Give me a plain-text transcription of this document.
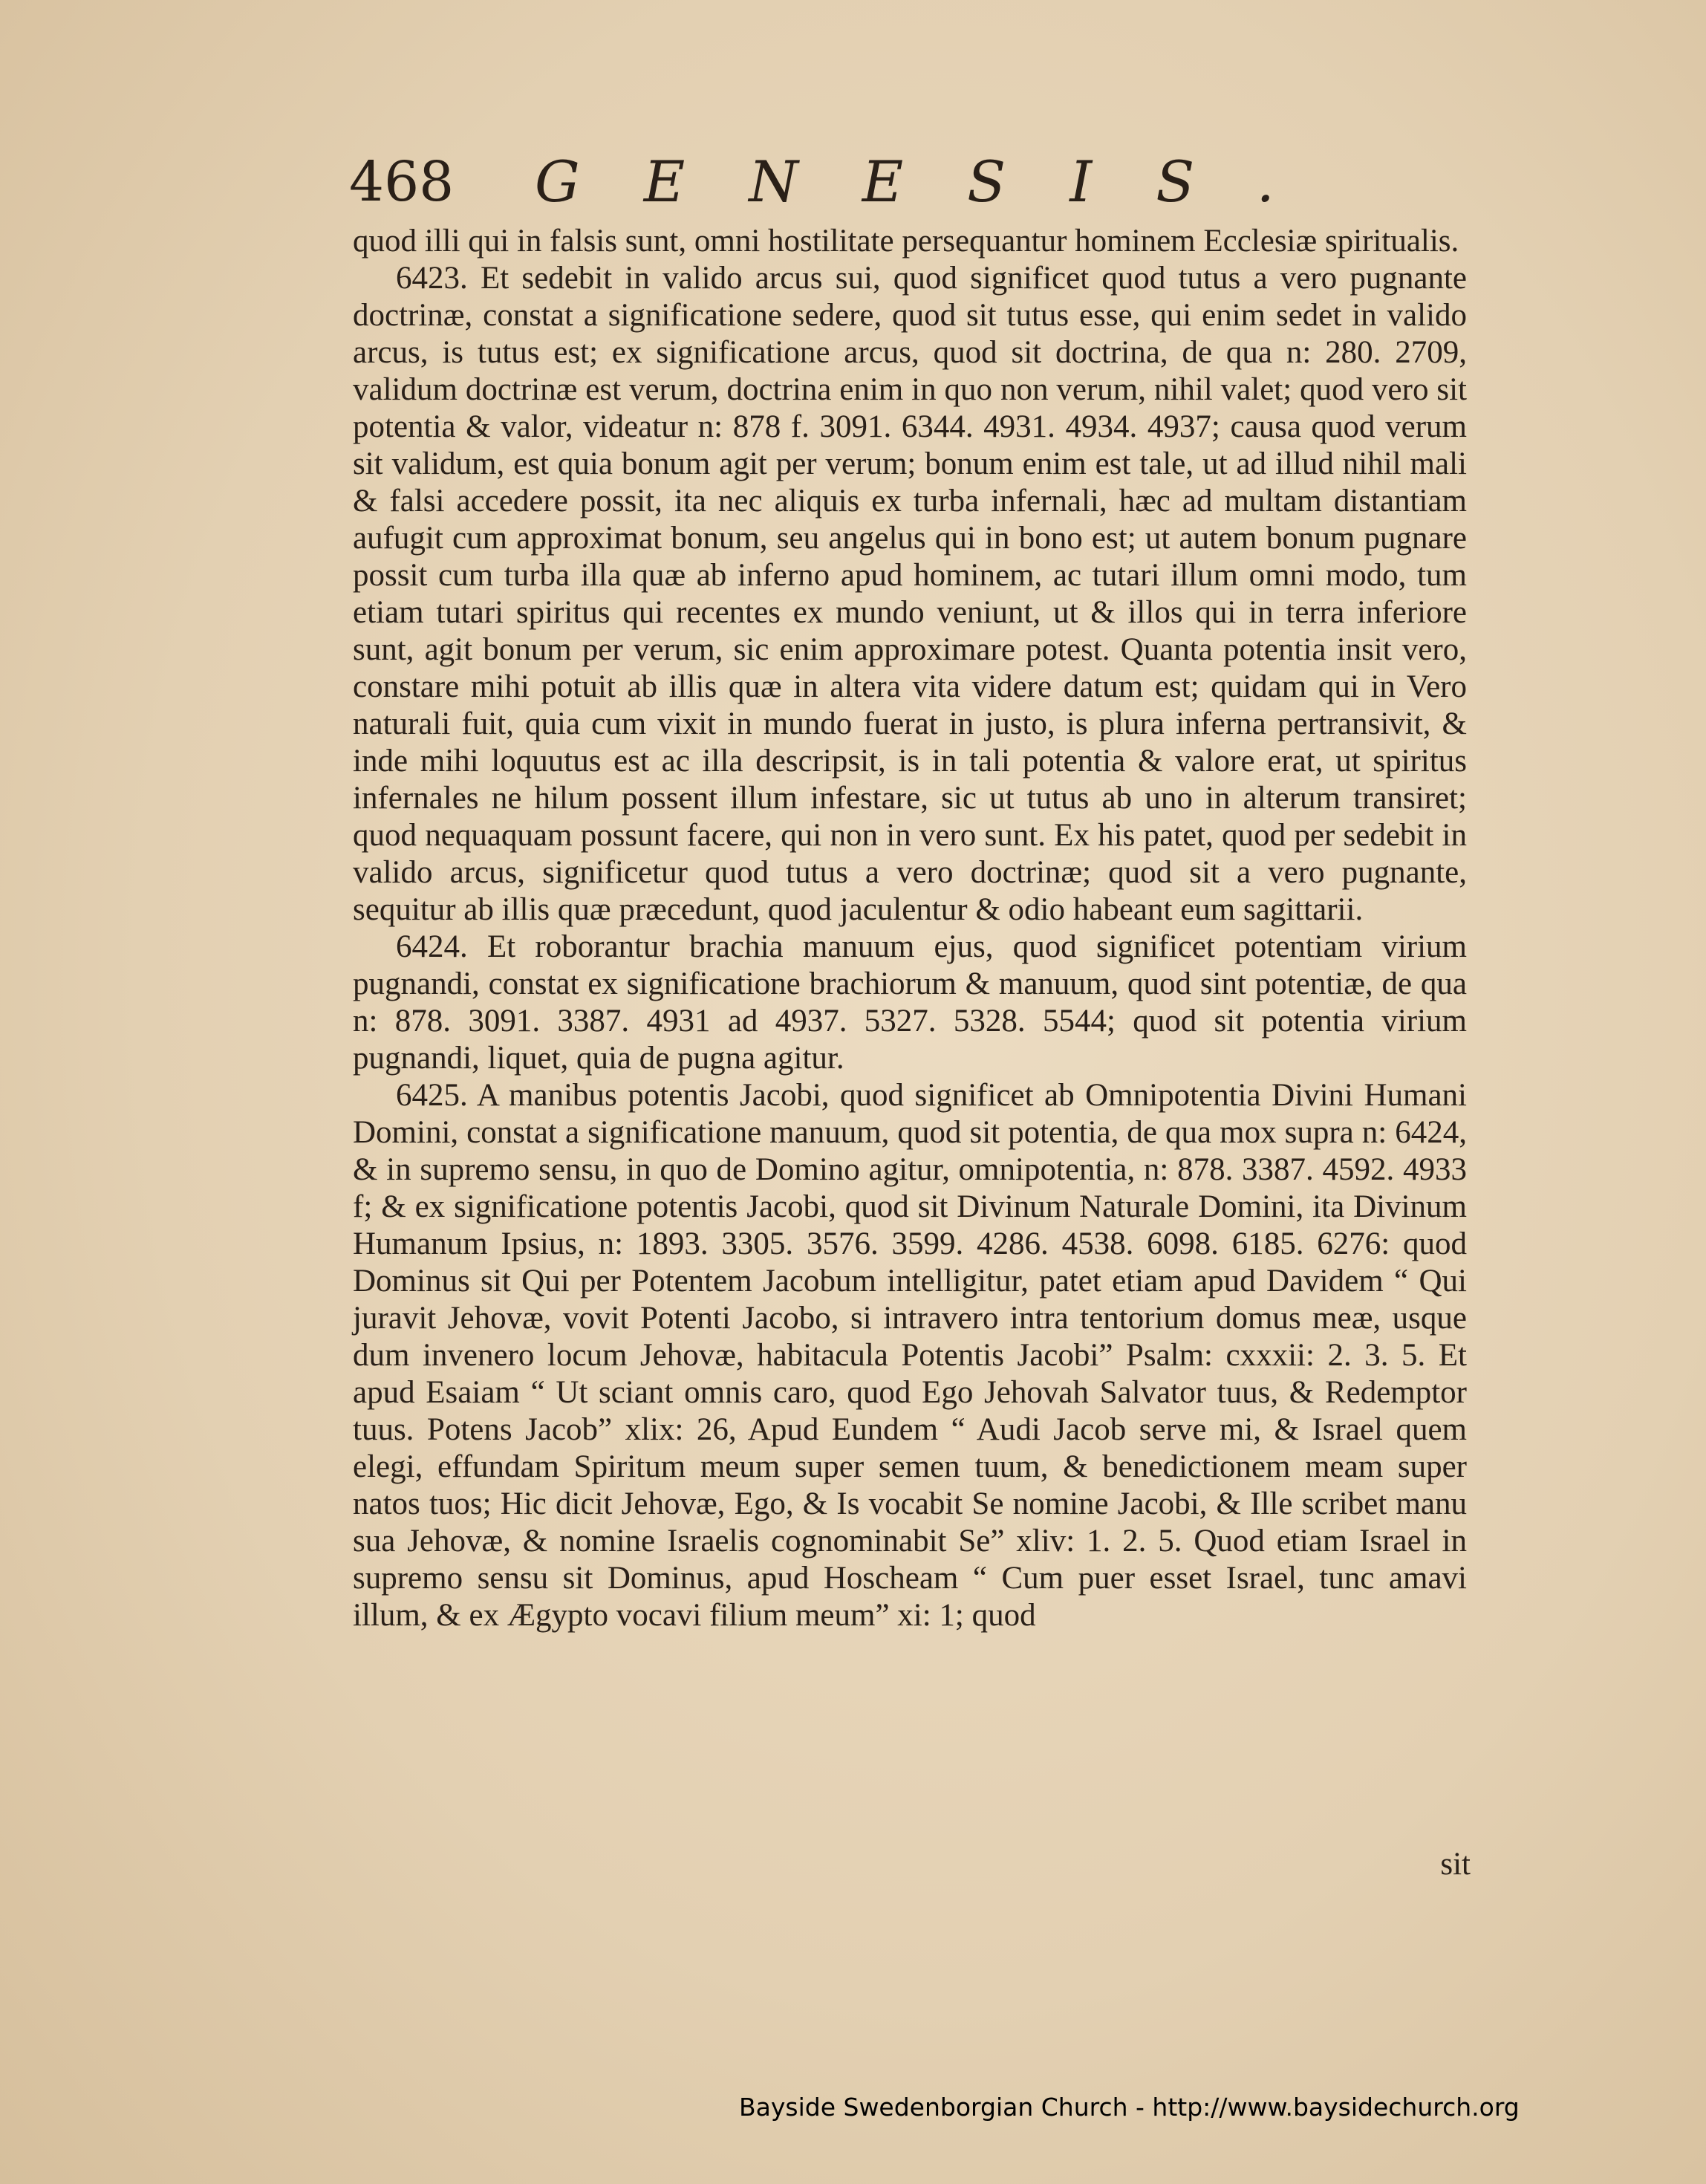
468 GENESIS.

quod illi qui in falsis sunt, omni hostilitate persequantur hominem Ecclesiæ spiritualis.

6423. Et sedebit in valido arcus sui, quod significet quod tutus a vero pugnante doctrinæ, constat a significatione sedere, quod sit tutus esse, qui enim sedet in valido arcus, is tutus est; ex significatione arcus, quod sit doctrina, de qua n: 280. 2709, validum doctrinæ est verum, doctrina enim in quo non verum, nihil valet; quod vero sit potentia & valor, videatur n: 878 f. 3091. 6344. 4931. 4934. 4937; causa quod verum sit validum, est quia bonum agit per verum; bonum enim est tale, ut ad illud nihil mali & falsi accedere possit, ita nec aliquis ex turba infernali, hæc ad multam distantiam aufugit cum approximat bonum, seu angelus qui in bono est; ut autem bonum pugnare possit cum turba illa quæ ab inferno apud hominem, ac tutari illum omni modo, tum etiam tutari spiritus qui recentes ex mundo veniunt, ut & illos qui in terra inferiore sunt, agit bonum per verum, sic enim approximare potest. Quanta potentia insit vero, constare mihi potuit ab illis quæ in altera vita videre datum est; quidam qui in Vero naturali fuit, quia cum vixit in mundo fuerat in justo, is plura inferna pertransivit, & inde mihi loquutus est ac illa descripsit, is in tali potentia & valore erat, ut spiritus infernales ne hilum possent illum infestare, sic ut tutus ab uno in alterum transiret; quod nequaquam possunt facere, qui non in vero sunt. Ex his patet, quod per sedebit in valido arcus, significetur quod tutus a vero doctrinæ; quod sit a vero pugnante, sequitur ab illis quæ præcedunt, quod jaculentur & odio habeant eum sagittarii.

6424. Et roborantur brachia manuum ejus, quod significet potentiam virium pugnandi, constat ex significatione brachiorum & manuum, quod sint potentiæ, de qua n: 878. 3091. 3387. 4931 ad 4937. 5327. 5328. 5544; quod sit potentia virium pugnandi, liquet, quia de pugna agitur.

6425. A manibus potentis Jacobi, quod significet ab Omnipotentia Divini Humani Domini, constat a significatione manuum, quod sit potentia, de qua mox supra n: 6424, & in supremo sensu, in quo de Domino agitur, omnipotentia, n: 878. 3387. 4592. 4933 f; & ex significatione potentis Jacobi, quod sit Divinum Naturale Domini, ita Divinum Humanum Ipsius, n: 1893. 3305. 3576. 3599. 4286. 4538. 6098. 6185. 6276: quod Dominus sit Qui per Potentem Jacobum intelligitur, patet etiam apud Davidem “ Qui juravit Jehovæ, vovit Potenti Jacobo, si intravero intra tentorium domus meæ, usque dum invenero locum Jehovæ, habitacula Potentis Jacobi” Psalm: cxxxii: 2. 3. 5. Et apud Esaiam “ Ut sciant omnis caro, quod Ego Jehovah Salvator tuus, & Redemptor tuus. Potens Jacob” xlix: 26, Apud Eundem “ Audi Jacob serve mi, & Israel quem elegi, effundam Spiritum meum super semen tuum, & benedictionem meam super natos tuos; Hic dicit Jehovæ, Ego, & Is vocabit Se nomine Jacobi, & Ille scribet manu sua Jehovæ, & nomine Israelis cognominabit Se” xliv: 1. 2. 5. Quod etiam Israel in supremo sensu sit Dominus, apud Hoscheam “ Cum puer esset Israel, tunc amavi illum, & ex Ægypto vocavi filium meum” xi: 1; quod

sit
Bayside Swedenborgian Church - http://www.baysidechurch.org
